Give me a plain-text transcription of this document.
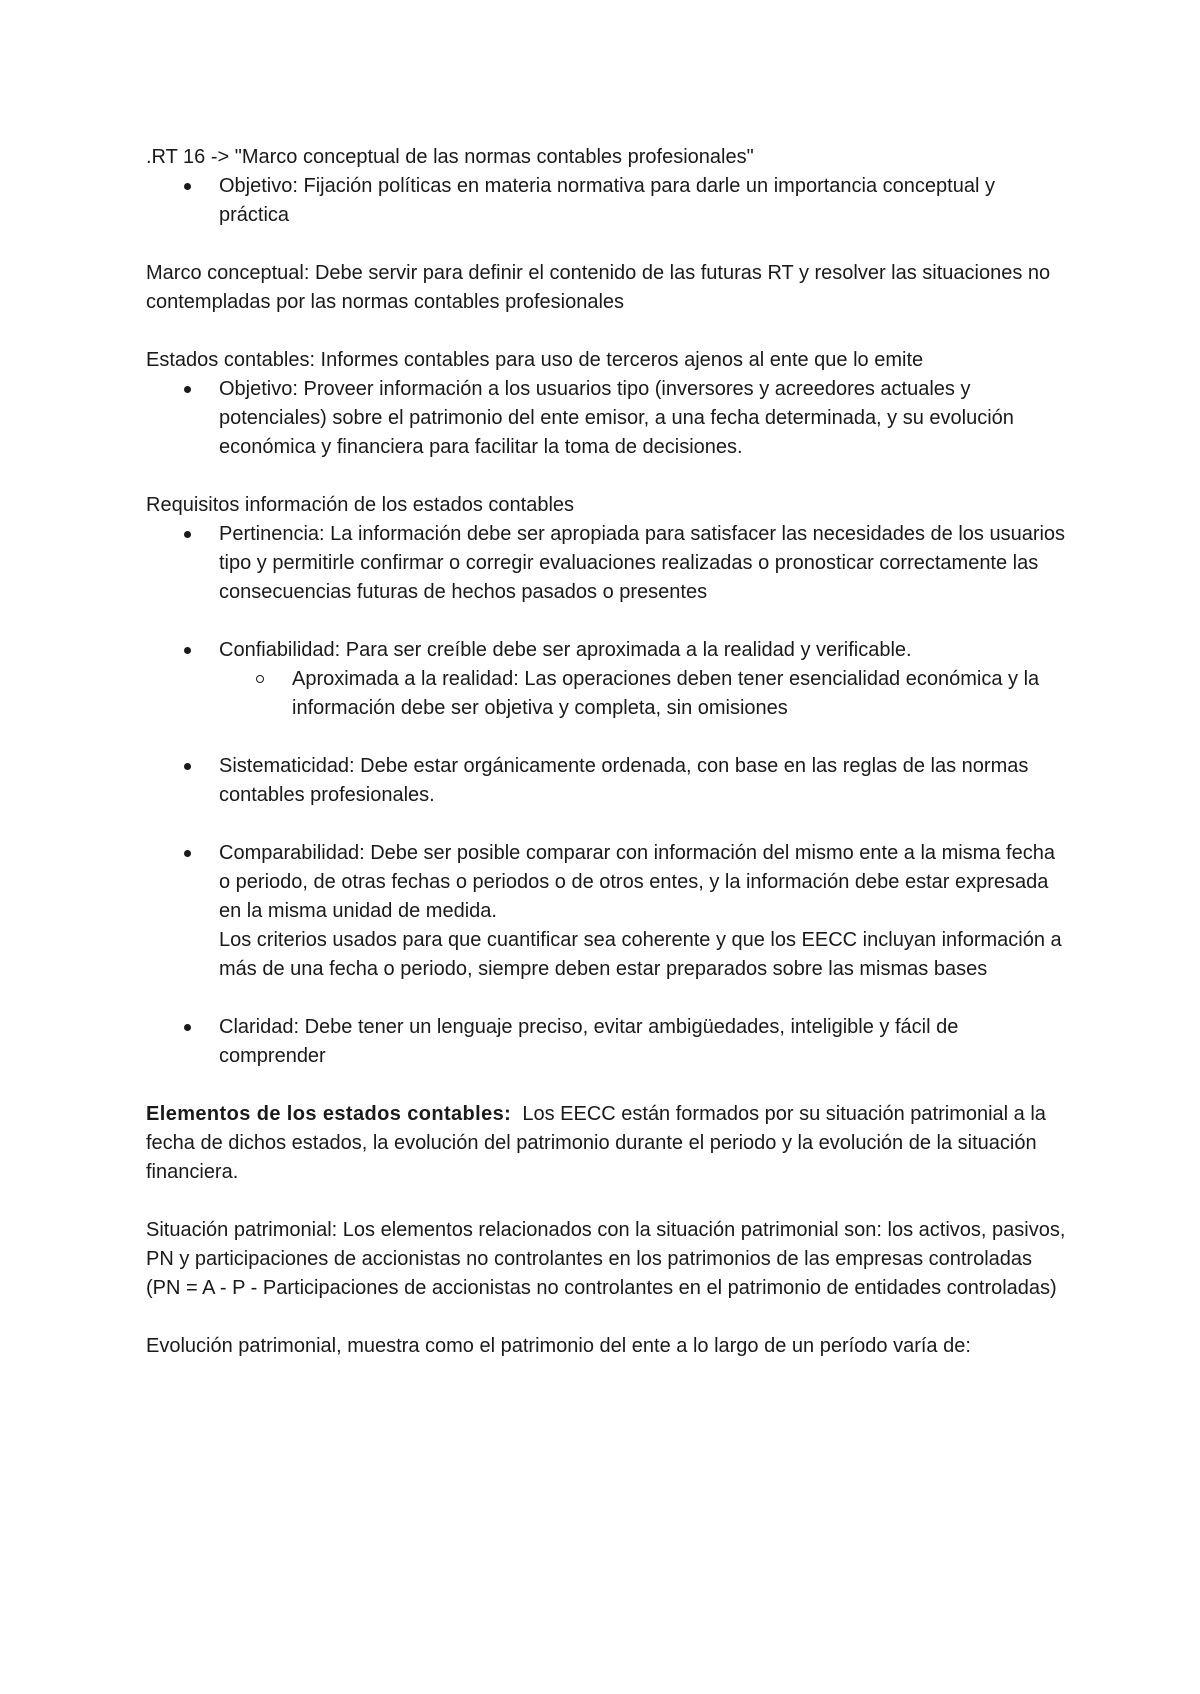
.RT 16 -> "Marco conceptual de las normas contables profesionales"

Objetivo: Fijación políticas en materia normativa para darle un importancia conceptual y práctica

Marco conceptual: Debe servir para definir el contenido de las futuras RT y resolver las situaciones no contempladas por las normas contables profesionales

Estados contables: Informes contables para uso de terceros ajenos al ente que lo emite

Objetivo: Proveer información a los usuarios tipo (inversores y acreedores actuales y potenciales) sobre el patrimonio del ente emisor, a una fecha determinada, y su evolución económica y financiera para facilitar la toma de decisiones.

Requisitos información de los estados contables

Pertinencia: La información debe ser apropiada para satisfacer las necesidades de los usuarios tipo y permitirle confirmar o corregir evaluaciones realizadas o pronosticar correctamente las consecuencias futuras de hechos pasados o presentes
Confiabilidad: Para ser creíble debe ser aproximada a la realidad y verificable.
Aproximada a la realidad: Las operaciones deben tener esencialidad económica y la información debe ser objetiva y completa, sin omisiones
Sistematicidad: Debe estar orgánicamente ordenada, con base en las reglas de las normas contables profesionales.
Comparabilidad: Debe ser posible comparar con información del mismo ente a la misma fecha o periodo, de otras fechas o periodos o de otros entes, y la información debe estar expresada en la misma unidad de medida.
Los criterios usados para que cuantificar sea coherente y que los EECC incluyan información a más de una fecha o periodo, siempre deben estar preparados sobre las mismas bases
Claridad: Debe tener un lenguaje preciso, evitar ambigüedades, inteligible y fácil de comprender

Elementos de los estados contables:  Los EECC están formados por su situación patrimonial a la fecha de dichos estados, la evolución del patrimonio durante el periodo y la evolución de la situación financiera.

Situación patrimonial: Los elementos relacionados con la situación patrimonial son: los activos, pasivos, PN y participaciones de accionistas no controlantes en los patrimonios de las empresas controladas (PN = A - P - Participaciones de accionistas no controlantes en el patrimonio de entidades controladas)

Evolución patrimonial, muestra como el patrimonio del ente a lo largo de un período varía de:
